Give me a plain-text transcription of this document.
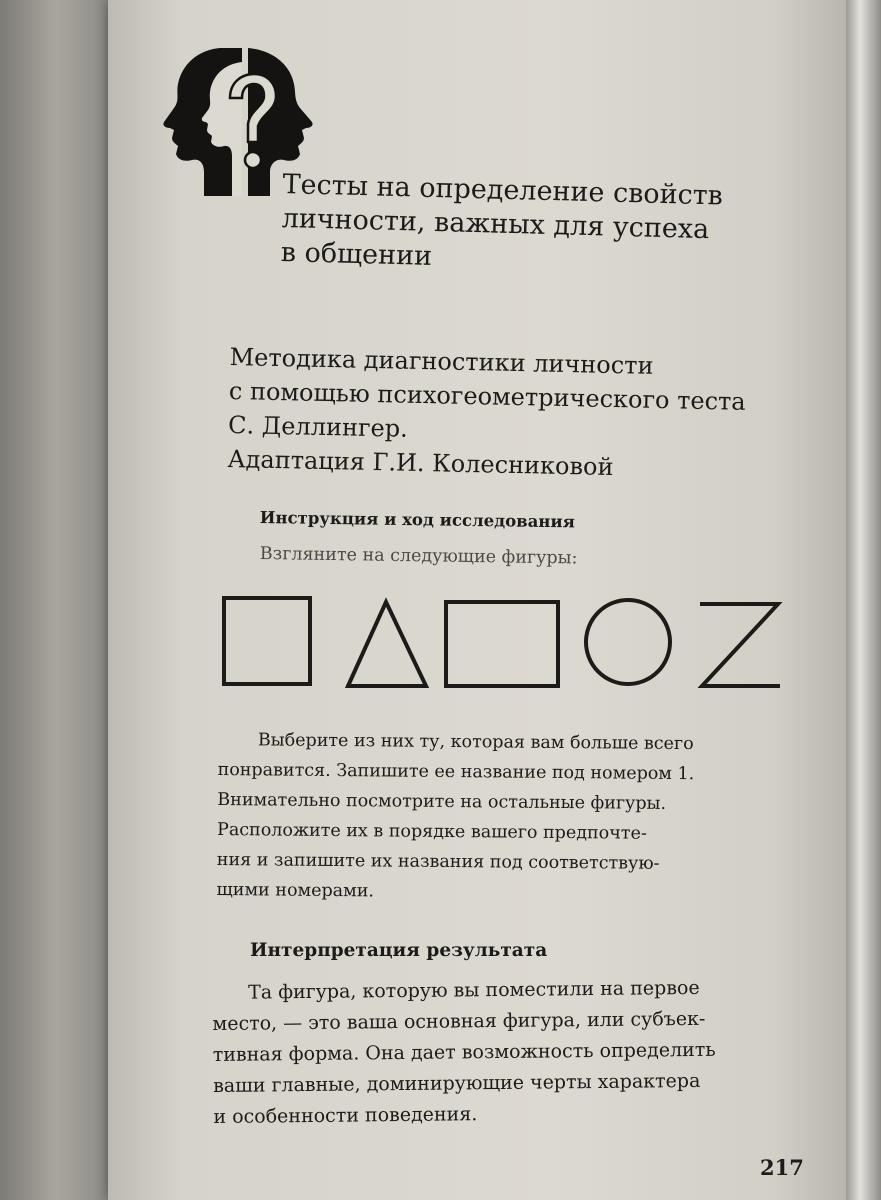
Тесты на определение свойств
личности, важных для успеха
в общении
Методика диагностики личности
с помощью психогеометрического теста
С. Деллингер.
Адаптация Г.И. Колесниковой
Инструкция и ход исследования

Взгляните на следующие фигуры:

Выберите из них ту, которая вам больше всего
понравится. Запишите ее название под номером 1.
Внимательно посмотрите на остальные фигуры.
Расположите их в порядке вашего предпочте-
ния и запишите их названия под соответствую-
щими номерами.

Интерпретация результата

Та фигура, которую вы поместили на первое
место, — это ваша основная фигура, или субъек-
тивная форма. Она дает возможность определить
ваши главные, доминирующие черты характера
и особенности поведения.

217
